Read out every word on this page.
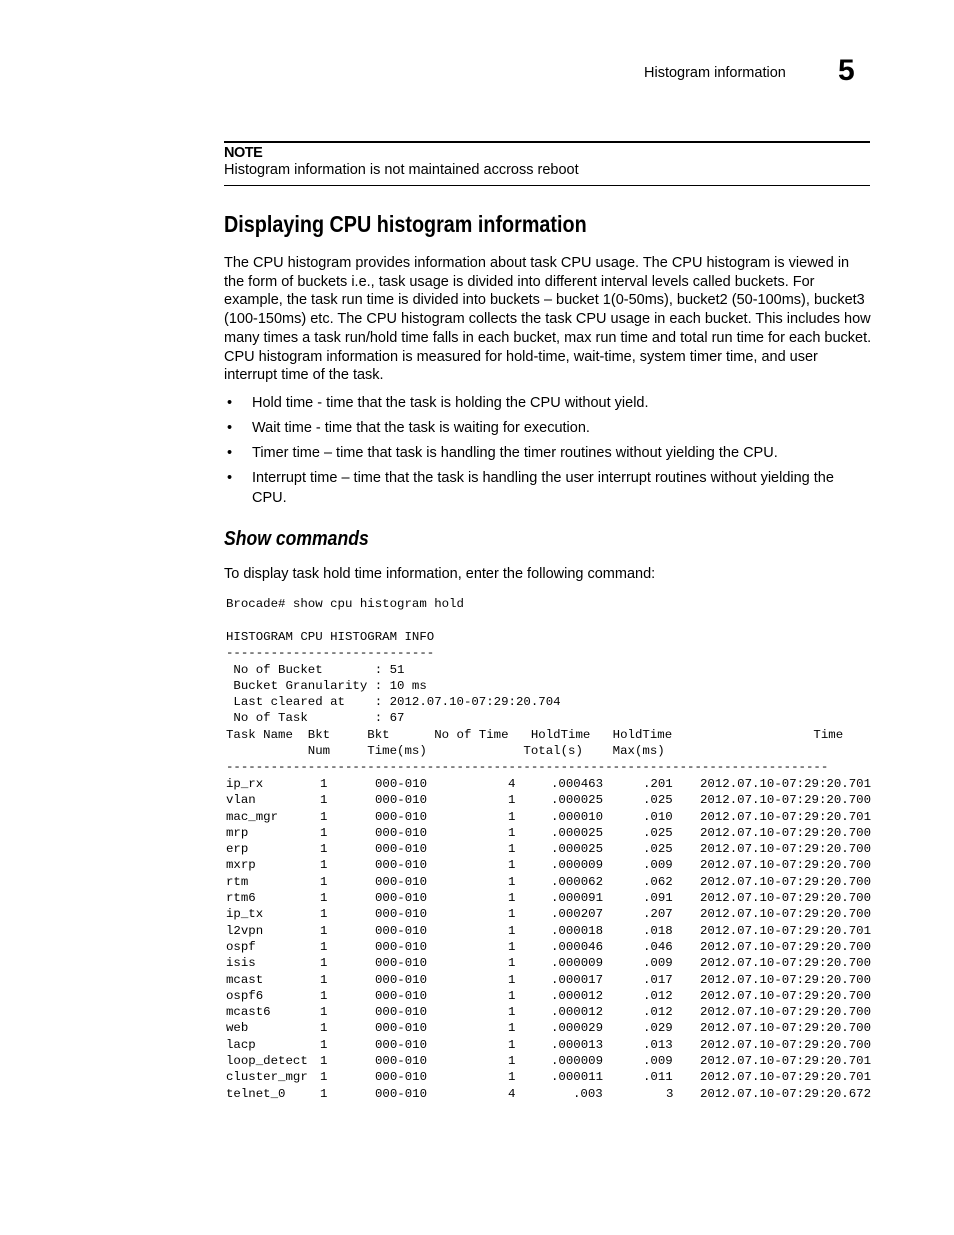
Histogram information 5
NOTE
Histogram information is not maintained accross reboot
Displaying CPU histogram information
The CPU histogram provides information about task CPU usage. The CPU histogram is viewed in the form of buckets i.e., task usage is divided into different interval levels called buckets. For example, the task run time is divided into buckets – bucket 1(0-50ms), bucket2 (50-100ms), bucket3 (100-150ms) etc. The CPU histogram collects the task CPU usage in each bucket. This includes how many times a task run/hold time falls in each bucket, max run time and total run time for each bucket. CPU histogram information is measured for hold-time, wait-time, system timer time, and user interrupt time of the task.
• Hold time - time that the task is holding the CPU without yield.
• Wait time - time that the task is waiting for execution.
• Timer time – time that task is handling the timer routines without yielding the CPU.
• Interrupt time – time that the task is handling the user interrupt routines without yielding the CPU.
Show commands
To display task hold time information, enter the following command:
Brocade# show cpu histogram hold
HISTOGRAM CPU HISTOGRAM INFO
----------------------------
No of Bucket       : 51
Bucket Granularity : 10 ms
Last cleared at    : 2012.07.10-07:29:20.704
No of Task         : 67
Task Name  Bkt     Bkt      No of Time   HoldTime   HoldTime                   Time
Num     Time(ms)             Total(s)    Max(ms)
---------------------------------------------------------------------------------
ip_rx	1	000-010	4	.000463	.201 2012.07.10-07:29:20.701
vlan	1	000-010	1	.000025	.025 2012.07.10-07:29:20.700
mac_mgr	1	000-010	1	.000010	.010 2012.07.10-07:29:20.701
mrp	1	000-010	1	.000025	.025 2012.07.10-07:29:20.700
erp	1	000-010	1	.000025	.025 2012.07.10-07:29:20.700
mxrp	1	000-010	1	.000009	.009 2012.07.10-07:29:20.700
rtm	1	000-010	1	.000062	.062 2012.07.10-07:29:20.700
rtm6	1	000-010	1	.000091	.091 2012.07.10-07:29:20.700
ip_tx	1	000-010	1	.000207	.207 2012.07.10-07:29:20.700
l2vpn	1	000-010	1	.000018	.018 2012.07.10-07:29:20.701
ospf	1	000-010	1	.000046	.046 2012.07.10-07:29:20.700
isis	1	000-010	1	.000009	.009 2012.07.10-07:29:20.700
mcast	1	000-010	1	.000017	.017 2012.07.10-07:29:20.700
ospf6	1	000-010	1	.000012	.012 2012.07.10-07:29:20.700
mcast6	1	000-010	1	.000012	.012 2012.07.10-07:29:20.700
web	1	000-010	1	.000029	.029 2012.07.10-07:29:20.700
lacp	1	000-010	1	.000013	.013 2012.07.10-07:29:20.700
loop_detect 1	000-010	1	.000009	.009 2012.07.10-07:29:20.701
cluster_mgr 1	000-010	1	.000011	.011 2012.07.10-07:29:20.701
telnet_0	1	000-010	4	.003	3 2012.07.10-07:29:20.672
